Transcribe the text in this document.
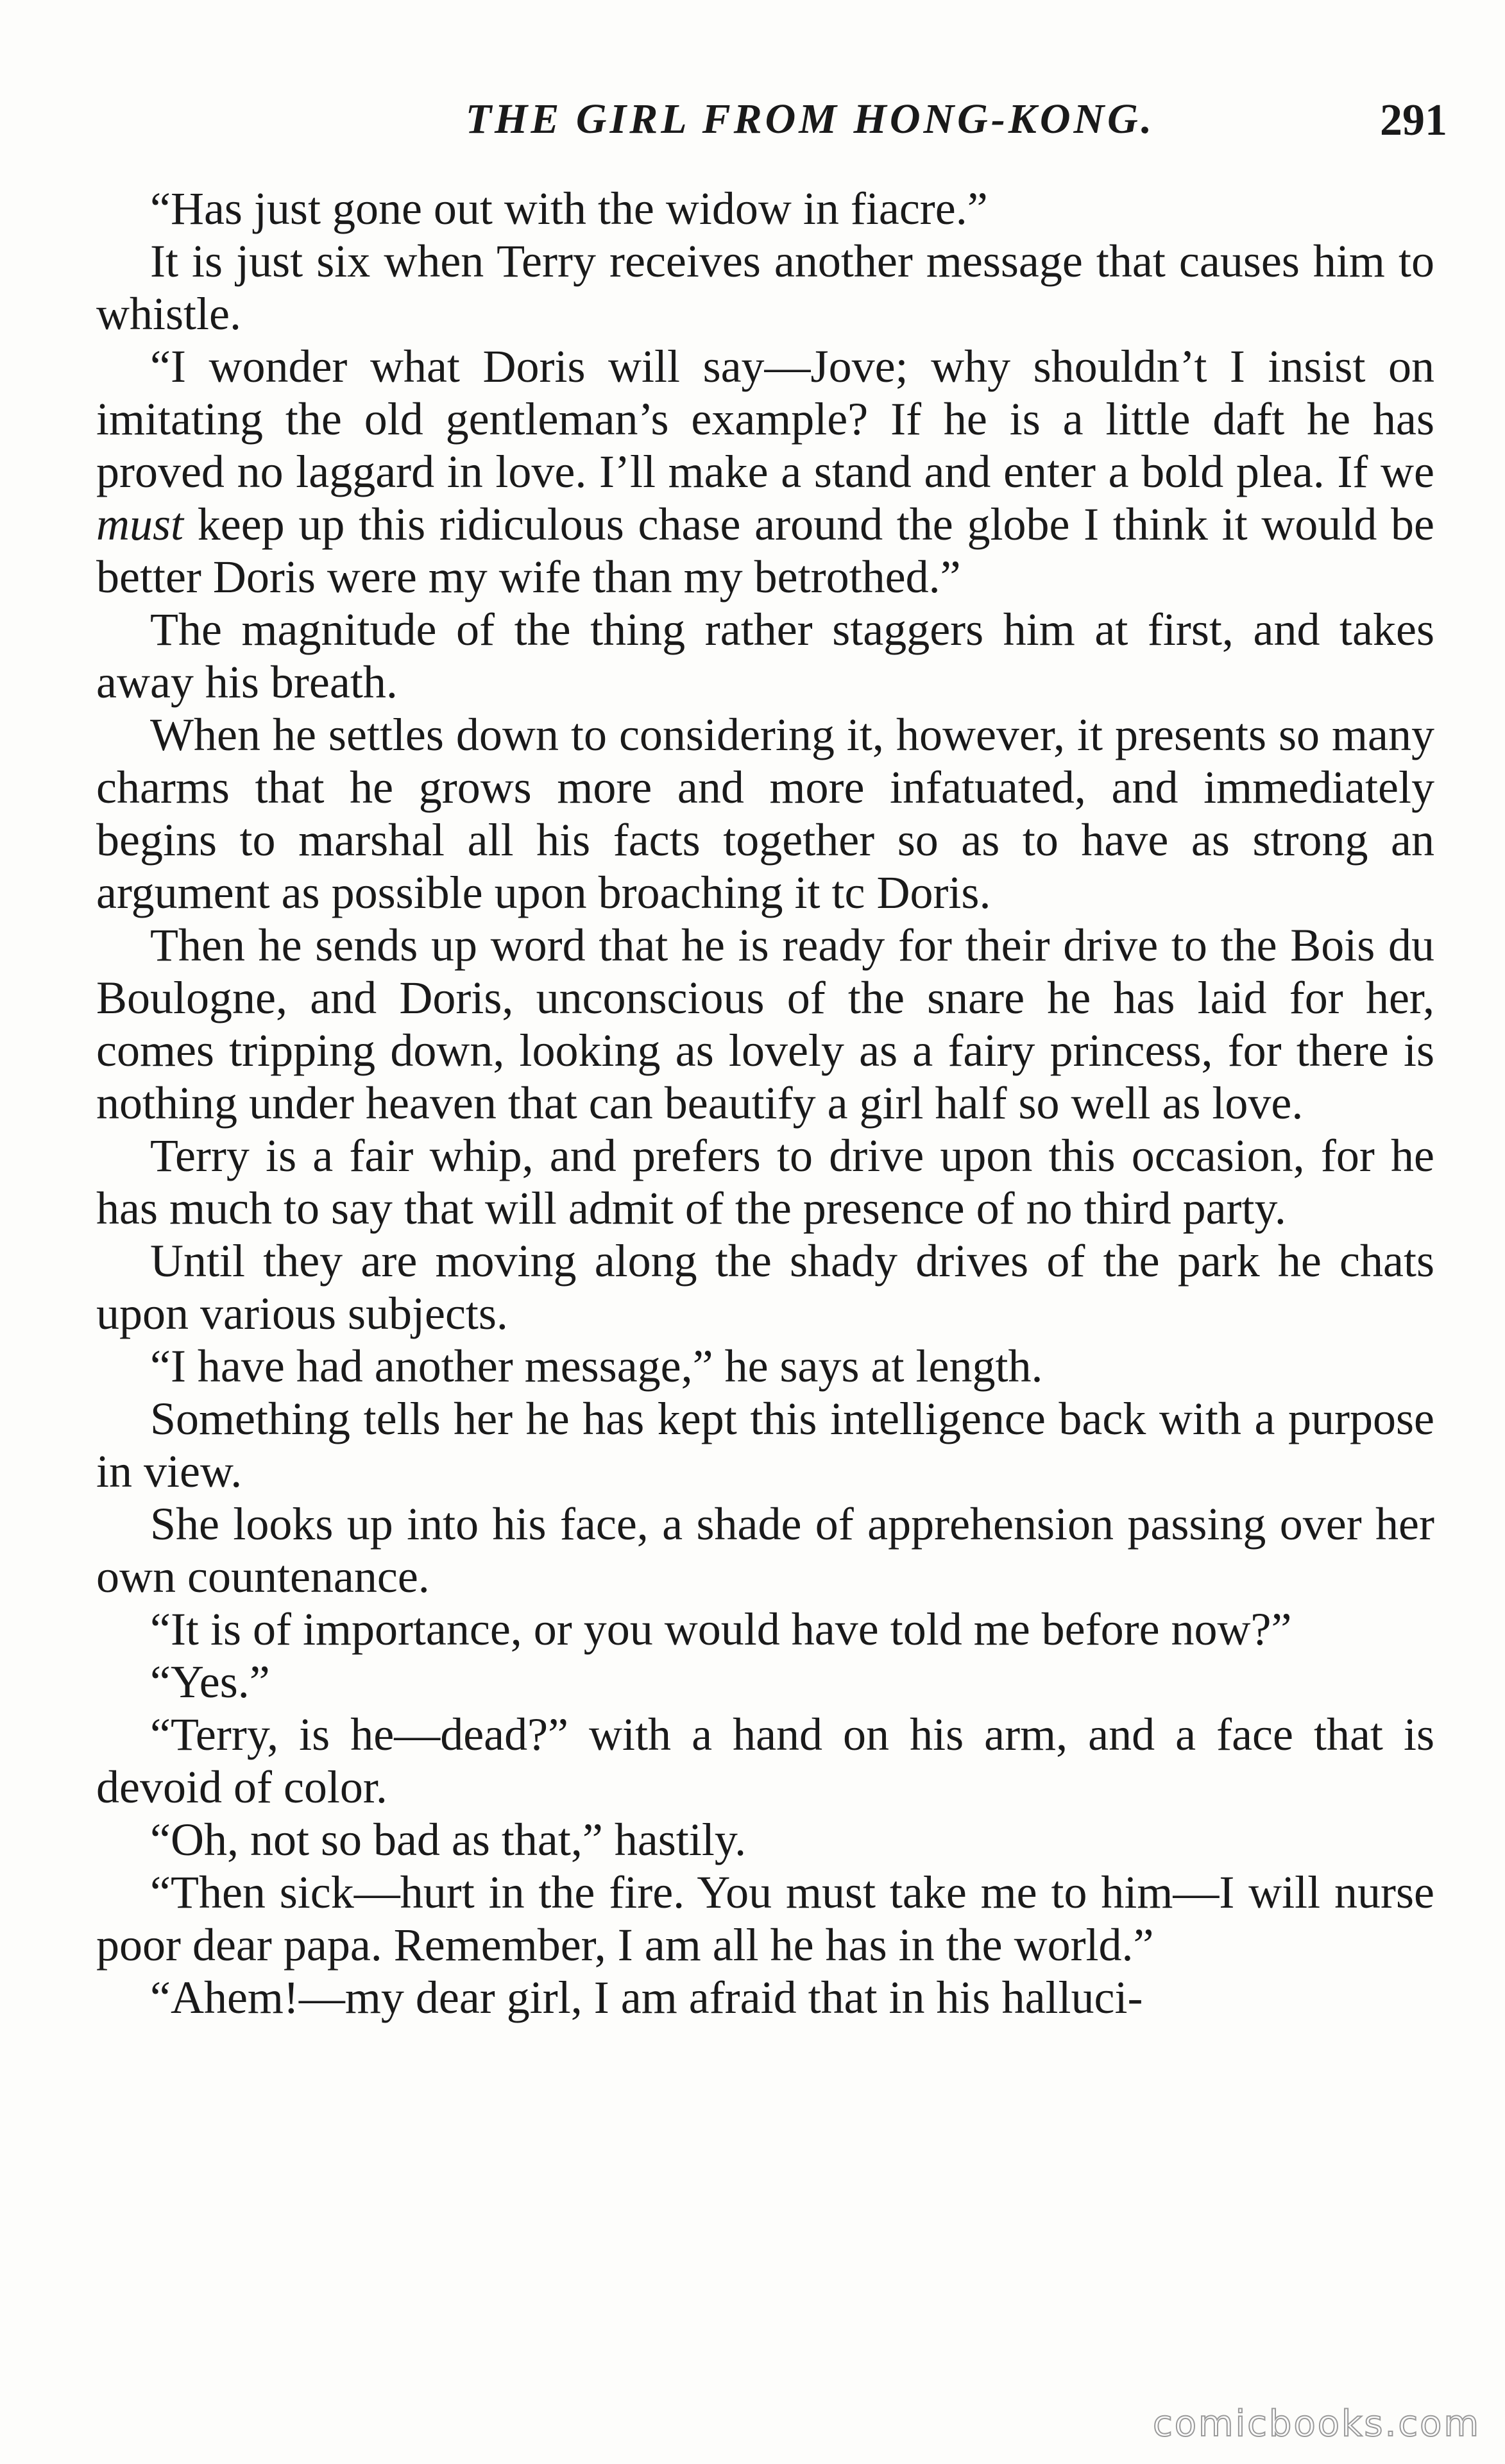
THE GIRL FROM HONG-KONG.	291

“Has just gone out with the widow in fiacre.”

It is just six when Terry receives another message that causes him to whistle.

“I wonder what Doris will say—Jove; why shouldn’t I insist on imitating the old gentleman’s example? If he is a little daft he has proved no laggard in love. I’ll make a stand and enter a bold plea. If we must keep up this ridiculous chase around the globe I think it would be better Doris were my wife than my betrothed.”

The magnitude of the thing rather staggers him at first, and takes away his breath.

When he settles down to considering it, however, it presents so many charms that he grows more and more infatuated, and immediately begins to marshal all his facts together so as to have as strong an argument as possible upon broaching it tc Doris.

Then he sends up word that he is ready for their drive to the Bois du Boulogne, and Doris, unconscious of the snare he has laid for her, comes tripping down, looking as lovely as a fairy princess, for there is nothing under heaven that can beautify a girl half so well as love.

Terry is a fair whip, and prefers to drive upon this occasion, for he has much to say that will admit of the presence of no third party.

Until they are moving along the shady drives of the park he chats upon various subjects.

“I have had another message,” he says at length.

Something tells her he has kept this intelligence back with a purpose in view.

She looks up into his face, a shade of apprehension passing over her own countenance.

“It is of importance, or you would have told me before now?”

“Yes.”

“Terry, is he—dead?” with a hand on his arm, and a face that is devoid of color.

“Oh, not so bad as that,” hastily.

“Then sick—hurt in the fire. You must take me to him—I will nurse poor dear papa. Remember, I am all he has in the world.”

“Ahem!—my dear girl, I am afraid that in his halluci-

comicbooks.com
